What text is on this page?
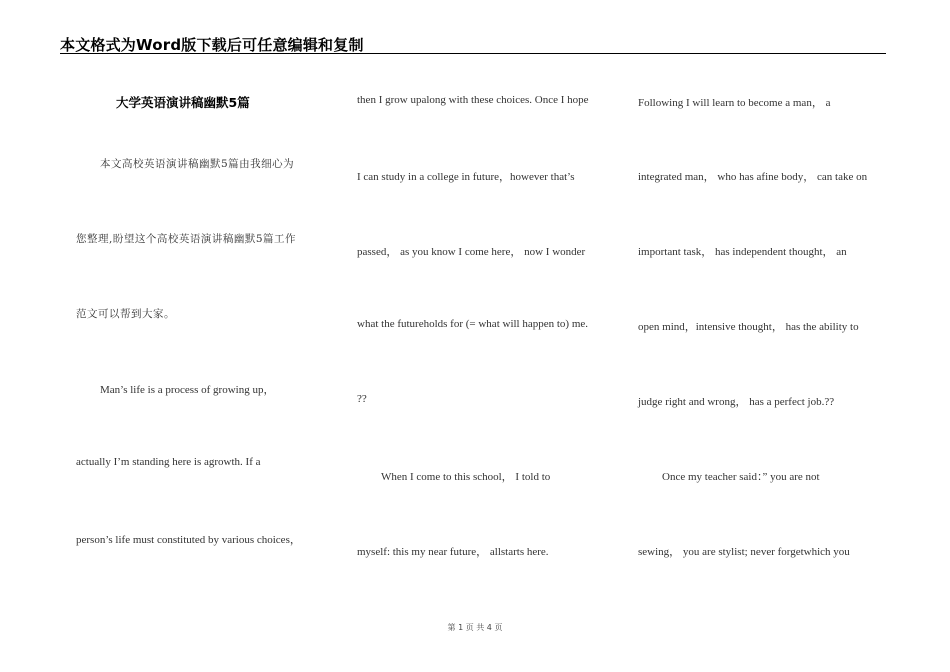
本文格式为Word版下载后可任意编辑和复制
大学英语演讲稿幽默5篇
本文高校英语演讲稿幽默5篇由我细心为
您整理,盼望这个高校英语演讲稿幽默5篇工作
范文可以帮到大家。
Man’s life is a process of growing up，
actually I’m standing here is agrowth. If a
person’s life must constituted by various choices，
then I grow upalong with these choices. Once I hope
I can study in a college in future，however that’s
passed， as you know I come here， now I wonder
what the futureholds for (= what will happen to) me.
??
When I come to this school， I told to
myself: this my near future， allstarts here.
Following I will learn to become a man， a
integrated man， who has afine body， can take on
important task， has independent thought， an
open mind，intensive thought， has the ability to
judge right and wrong， has a perfect job.??
Once my teacher said：” you are not
sewing， you are stylist; never forgetwhich you
第 1 页 共 4 页
